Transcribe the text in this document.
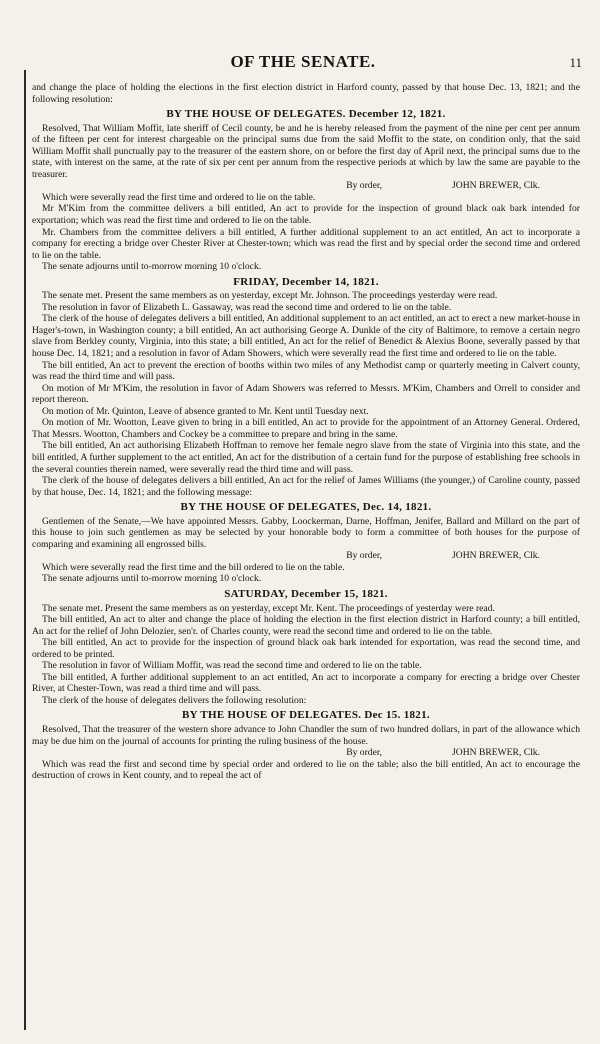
OF THE SENATE.	11

and change the place of holding the elections in the first election district in Harford county, passed by that house Dec. 13, 1821; and the following resolution:

BY THE HOUSE OF DELEGATES. December 12, 1821.

Resolved, That William Moffit, late sheriff of Cecil county, be and he is hereby released from the payment of the nine per cent per annum of the fifteen per cent for interest chargeable on the principal sums due from the said Moffit to the state, on condition only, that the said William Moffit shall punctually pay to the treasurer of the eastern shore, on or before the first day of April next, the principal sums due to the state, with interest on the same, at the rate of six per cent per annum from the respective periods at which by law the same are payable to the treasurer.

By order,	JOHN BREWER, Clk.

Which were severally read the first time and ordered to lie on the table.

Mr M'Kim from the committee delivers a bill entitled, An act to provide for the inspection of ground black oak bark intended for exportation; which was read the first time and ordered to lie on the table.

Mr. Chambers from the committee delivers a bill entitled, A further additional supplement to an act entitled, An act to incorporate a company for erecting a bridge over Chester River at Chester-town; which was read the first and by special order the second time and ordered to lie on the table.

The senate adjourns until to-morrow morning 10 o'clock.

FRIDAY, December 14, 1821.

The senate met. Present the same members as on yesterday, except Mr. Johnson. The proceedings yesterday were read.

The resolution in favor of Elizabeth L. Gassaway, was read the second time and ordered to lie on the table.

The clerk of the house of delegates delivers a bill entitled, An additional supplement to an act entitled, an act to erect a new market-house in Hager's-town, in Washington county; a bill entitled, An act authorising George A. Dunkle of the city of Baltimore, to remove a certain negro slave from Berkley county, Virginia, into this state; a bill entitled, An act for the relief of Benedict & Alexius Boone, severally passed by that house Dec. 14, 1821; and a resolution in favor of Adam Showers, which were severally read the first time and ordered to lie on the table.

The bill entitled, An act to prevent the erection of booths within two miles of any Methodist camp or quarterly meeting in Calvert county, was read the third time and will pass.

On motion of Mr M'Kim, the resolution in favor of Adam Showers was referred to Messrs. M'Kim, Chambers and Orrell to consider and report thereon.

On motion of Mr. Quinton, Leave of absence granted to Mr. Kent until Tuesday next.

On motion of Mr. Wootton, Leave given to bring in a bill entitled, An act to provide for the appointment of an Attorney General. Ordered, That Messrs. Wootton, Chambers and Cockey be a committee to prepare and bring in the same.

The bill entitled, An act authorising Elizabeth Hoffman to remove her female negro slave from the state of Virginia into this state, and the bill entitled, A further supplement to the act entitled, An act for the distribution of a certain fund for the purpose of establishing free schools in the several counties therein named, were severally read the third time and will pass.

The clerk of the house of delegates delivers a bill entitled, An act for the relief of James Williams (the younger,) of Caroline county, passed by that house, Dec. 14, 1821; and the following message:

BY THE HOUSE OF DELEGATES, Dec. 14, 1821.

Gentlemen of the Senate,—We have appointed Messrs. Gabby, Loockerman, Darne, Hoffman, Jenifer, Ballard and Millard on the part of this house to join such gentlemen as may be selected by your honorable body to form a committee of both houses for the purpose of comparing and examining all engrossed bills.

By order,	JOHN BREWER, Clk.

Which were severally read the first time and the bill ordered to lie on the table.

The senate adjourns until to-morrow morning 10 o'clock.

SATURDAY, December 15, 1821.

The senate met. Present the same members as on yesterday, except Mr. Kent. The proceedings of yesterday were read.

The bill entitled, An act to alter and change the place of holding the election in the first election district in Harford county; a bill entitled, An act for the relief of John Delozier, sen'r. of Charles county, were read the second time and ordered to lie on the table.

The bill entitled, An act to provide for the inspection of ground black oak bark intended for exportation, was read the second time, and ordered to be printed.

The resolution in favor of William Moffit, was read the second time and ordered to lie on the table.

The bill entitled, A further additional supplement to an act entitled, An act to incorporate a company for erecting a bridge over Chester River, at Chester-Town, was read a third time and will pass.

The clerk of the house of delegates delivers the following resolution:

BY THE HOUSE OF DELEGATES. Dec 15. 1821.

Resolved, That the treasurer of the western shore advance to John Chandler the sum of two hundred dollars, in part of the allowance which may be due him on the journal of accounts for printing the ruling business of the house.

By order,	JOHN BREWER, Clk.

Which was read the first and second time by special order and ordered to lie on the table; also the bill entitled, An act to encourage the destruction of crows in Kent county, and to repeal the act of
